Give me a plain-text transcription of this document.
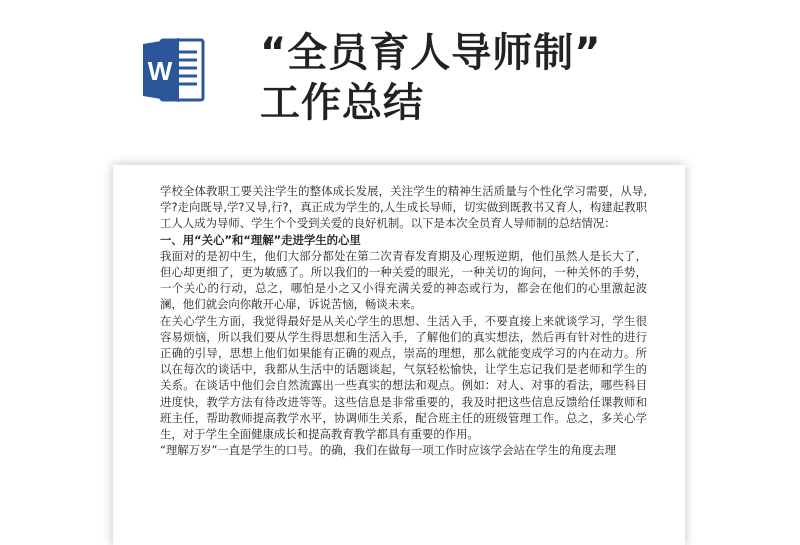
W “全员育人导师制”
工作总结

学校全体教职工要关注学生的整体成长发展，关注学生的精神生活质量与个性化学习需要，从导,学?走向既导,学?又导,行?，真正成为学生的,人生成长导师，切实做到既教书又育人，构建起教职工人人成为导师、学生个个受到关爱的良好机制。以下是本次全员育人导师制的总结情况：

一、用“关心”和“理解”走进学生的心里

我面对的是初中生，他们大部分都处在第二次青春发育期及心理叛逆期，他们虽然人是长大了，但心却更细了，更为敏感了。所以我们的一种关爱的眼光，一种关切的询问，一种关怀的手势，一个关心的行动，总之，哪怕是小之又小得充满关爱的神态或行为，都会在他们的心里激起波澜，他们就会向你敞开心扉，诉说苦恼，畅谈未来。

在关心学生方面，我觉得最好是从关心学生的思想、生活入手，不要直接上来就谈学习，学生很容易烦恼，所以我们要从学生得思想和生活入手，了解他们的真实想法，然后再有针对性的进行正确的引导，思想上他们如果能有正确的观点，崇高的理想，那么就能变成学习的内在动力。所以在每次的谈话中，我都从生活中的话题谈起，气氛轻松愉快，让学生忘记我们是老师和学生的关系。在谈话中他们会自然流露出一些真实的想法和观点。例如：对人、对事的看法，哪些科目进度快，教学方法有待改进等等。这些信息是非常重要的，我及时把这些信息反馈给任课教师和班主任，帮助教师提高教学水平，协调师生关系，配合班主任的班级管理工作。总之，多关心学生，对于学生全面健康成长和提高教育教学都具有重要的作用。

“理解万岁”一直是学生的口号。的确，我们在做每一项工作时应该学会站在学生的角度去理
